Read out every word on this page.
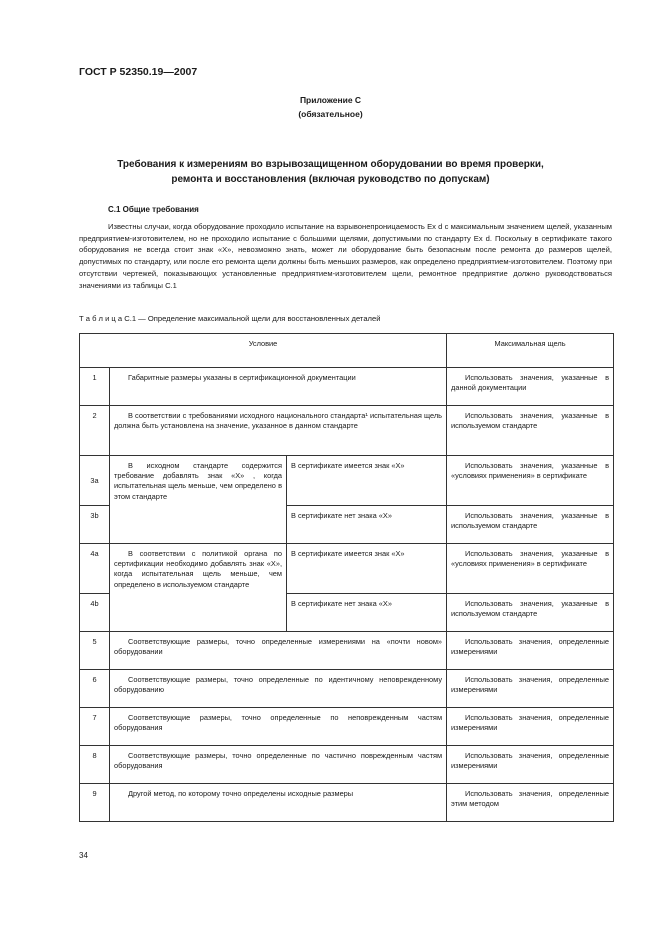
ГОСТ Р 52350.19—2007
Приложение С
(обязательное)
Требования к измерениям во взрывозащищенном оборудовании во время проверки,
ремонта и восстановления (включая руководство по допускам)
С.1 Общие требования

Известны случаи, когда оборудование проходило испытание на взрывонепроницаемость Ex d с максимальным значением щелей, указанным предприятием-изготовителем, но не проходило испытание с большими щелями, допустимыми по стандарту Ex d. Поскольку в сертификате такого оборудования не всегда стоит знак «Х», невозможно знать, может ли оборудование быть безопасным после ремонта до размеров щелей, допустимых по стандарту, или после его ремонта щели должны быть меньших размеров, как определено предприятием-изготовителем. Поэтому при отсутствии чертежей, показывающих установленные предприятием-изготовителем щели, ремонтное предприятие должно руководствоваться значениями из таблицы С.1

Т а б л и ц а С.1 — Определение максимальной щели для восстановленных деталей
Условие			Максимальная щель
1	Габаритные размеры указаны в сертификационной документации		Использовать значения, указанные в данной документации
2	В соответствии с требованиями исходного национального стандарта¹ испытательная щель должна быть установлена на значение, указанное в данном стандарте		Использовать значения, указанные в используемом стандарте
3a	В исходном стандарте содержится требование добавлять знак «Х» , когда испытательная щель меньше, чем определено в этом стандарте	В сертификате имеется знак «Х»	Использовать значения, указанные в «условиях применения» в сертификате
3b		В сертификате нет знака «Х»	Использовать значения, указанные в используемом стандарте
4a	В соответствии с политикой органа по сертификации необходимо добавлять знак «Х», когда испытательная щель меньше, чем определено в используемом стандарте	В сертификате имеется знак «Х»	Использовать значения, указанные в «условиях применения» в сертификате
4b		В сертификате нет знака «Х»	Использовать значения, указанные в используемом стандарте
5	Соответствующие размеры, точно определенные измерениями на «почти новом» оборудовании		Использовать значения, определенные измерениями
6	Соответствующие размеры, точно определенные по идентичному неповрежденному оборудованию		Использовать значения, определенные измерениями
7	Соответствующие размеры, точно определенные по неповрежденным частям оборудования		Использовать значения, определенные измерениями
8	Соответствующие размеры, точно определенные по частично поврежденным частям оборудования		Использовать значения, определенные измерениями
9	Другой метод, по которому точно определены исходные размеры		Использовать значения, определенные этим методом
34
